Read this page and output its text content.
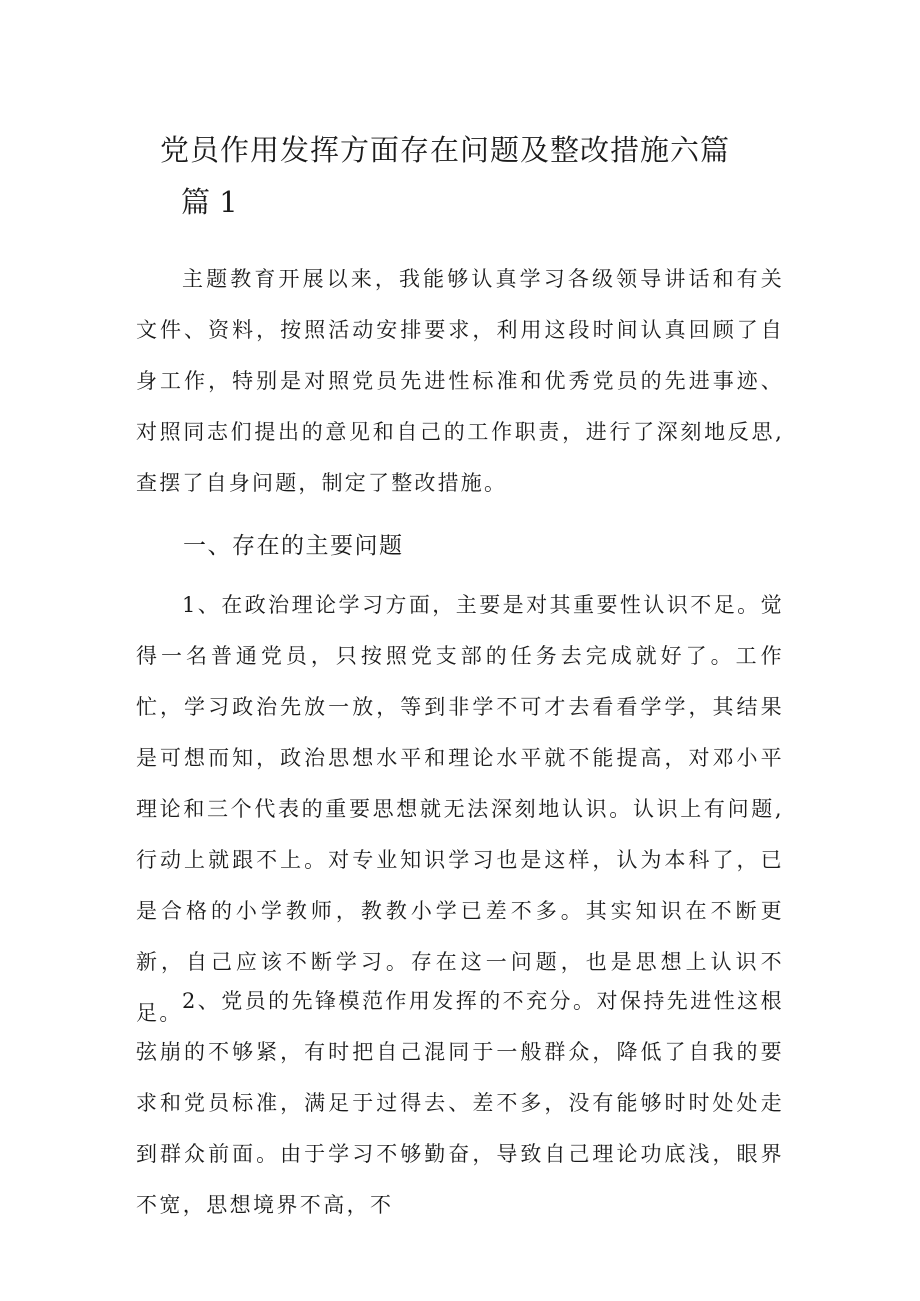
党员作用发挥方面存在问题及整改措施六篇
篇 1

主题教育开展以来，我能够认真学习各级领导讲话和有关文件、资料，按照活动安排要求，利用这段时间认真回顾了自身工作，特别是对照党员先进性标准和优秀党员的先进事迹、对照同志们提出的意见和自己的工作职责，进行了深刻地反思,查摆了自身问题，制定了整改措施。

一、存在的主要问题

1、在政治理论学习方面，主要是对其重要性认识不足。觉得一名普通党员，只按照党支部的任务去完成就好了。工作忙，学习政治先放一放，等到非学不可才去看看学学，其结果是可想而知，政治思想水平和理论水平就不能提高，对邓小平理论和三个代表的重要思想就无法深刻地认识。认识上有问题,行动上就跟不上。对专业知识学习也是这样，认为本科了，已是合格的小学教师，教教小学已差不多。其实知识在不断更新，自己应该不断学习。存在这一问题，也是思想上认识不足。 2、党员的先锋模范作用发挥的不充分。对保持先进性这根弦崩的不够紧，有时把自己混同于一般群众，降低了自我的要求和党员标准，满足于过得去、差不多，没有能够时时处处走到群众前面。由于学习不够勤奋，导致自己理论功底浅，眼界不宽，思想境界不高，不
